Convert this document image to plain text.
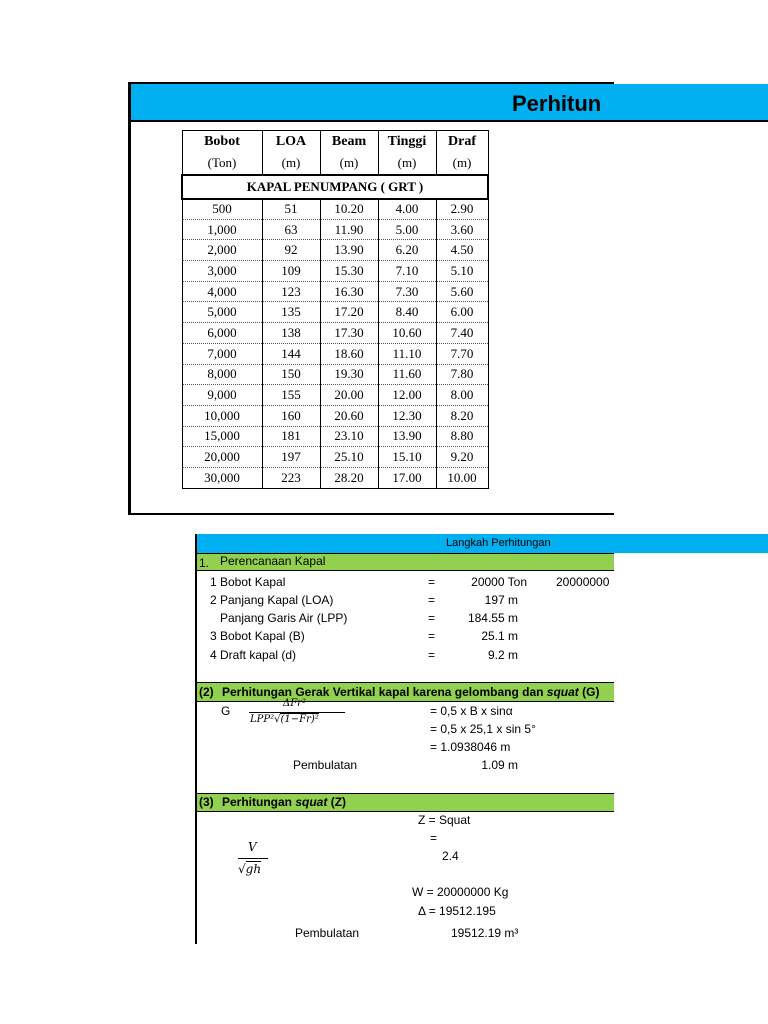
Perhitun
Bobot	LOA	Beam	Tinggi	Draf
(Ton)	(m)	(m)	(m)	(m)
KAPAL PENUMPANG ( GRT )				
500	51	10.20	4.00	2.90
1,000	63	11.90	5.00	3.60
2,000	92	13.90	6.20	4.50
3,000	109	15.30	7.10	5.10
4,000	123	16.30	7.30	5.60
5,000	135	17.20	8.40	6.00
6,000	138	17.30	10.60	7.40
7,000	144	18.60	11.10	7.70
8,000	150	19.30	11.60	7.80
9,000	155	20.00	12.00	8.00
10,000	160	20.60	12.30	8.20
15,000	181	23.10	13.90	8.80
20,000	197	25.10	15.10	9.20
30,000	223	28.20	17.00	10.00
Langkah Perhitungan
1. Perencanaan Kapal
1 Bobot Kapal	=	20000 Ton 20000000
2 Panjang Kapal (LOA)	=	197 m
Panjang Garis Air (LPP)	=	184.55 m
3 Bobot Kapal (B)	=	25.1 m
4 Draft kapal (d)	=	9.2 m
(2) Perhitungan Gerak Vertikal kapal karena gelombang dan squat (G)
G
ΔFr²
LPP²√(1−Fr)²
= 0,5 x B x sinα
= 0,5 x 25,1 x sin 5°
= 1.0938046 m
Pembulatan	1.09 m
(3) Perhitungan squat (Z)
Z = Squat
=
2.4
V
√gh
W = 20000000 Kg
Δ = 19512.195
Pembulatan	19512.19 m³
